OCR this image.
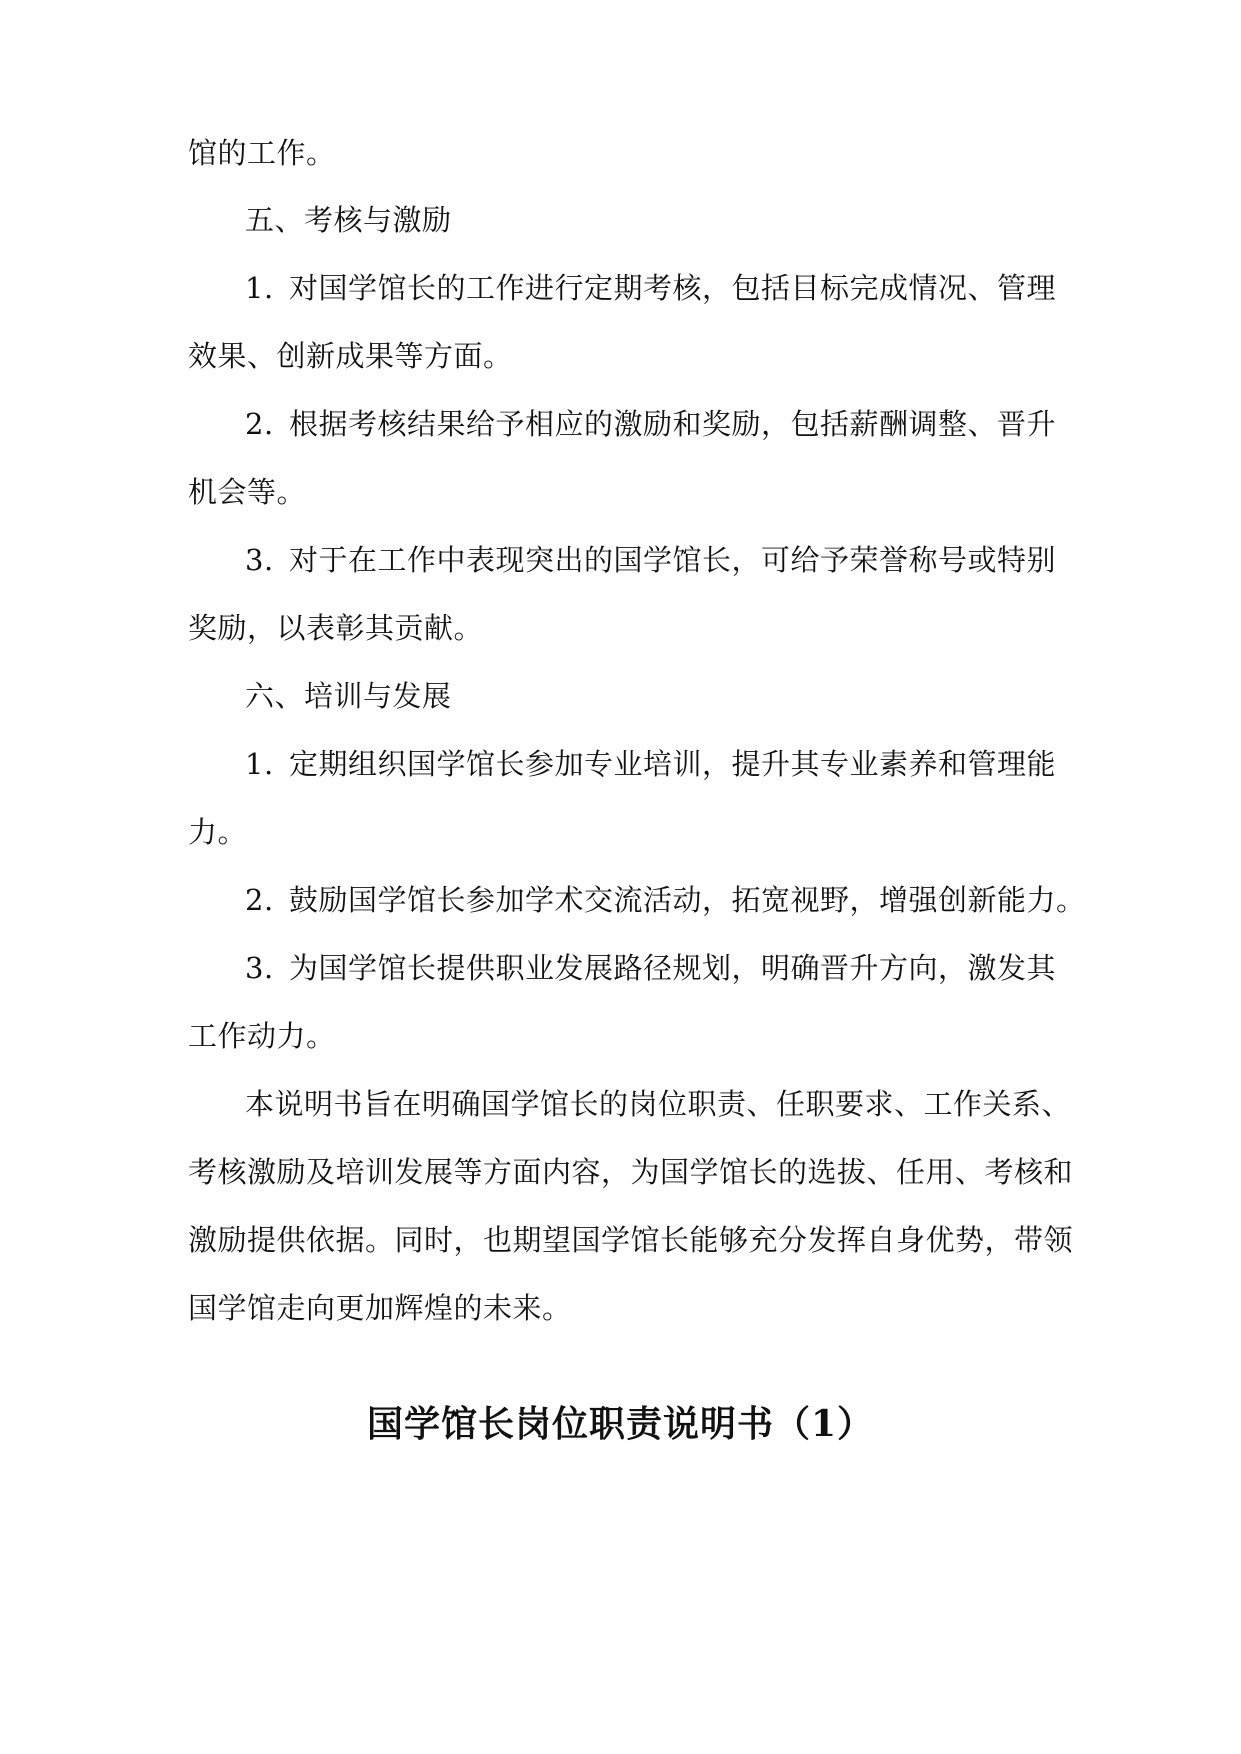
馆的工作。
五、考核与激励
1. 对国学馆长的工作进行定期考核，包括目标完成情况、管理
效果、创新成果等方面。
2. 根据考核结果给予相应的激励和奖励，包括薪酬调整、晋升
机会等。
3. 对于在工作中表现突出的国学馆长，可给予荣誉称号或特别
奖励，以表彰其贡献。
六、培训与发展
1. 定期组织国学馆长参加专业培训，提升其专业素养和管理能
力。
2. 鼓励国学馆长参加学术交流活动，拓宽视野，增强创新能力。
3. 为国学馆长提供职业发展路径规划，明确晋升方向，激发其
工作动力。
本说明书旨在明确国学馆长的岗位职责、任职要求、工作关系、
考核激励及培训发展等方面内容，为国学馆长的选拔、任用、考核和
激励提供依据。同时，也期望国学馆长能够充分发挥自身优势，带领
国学馆走向更加辉煌的未来。
国学馆长岗位职责说明书（1）
